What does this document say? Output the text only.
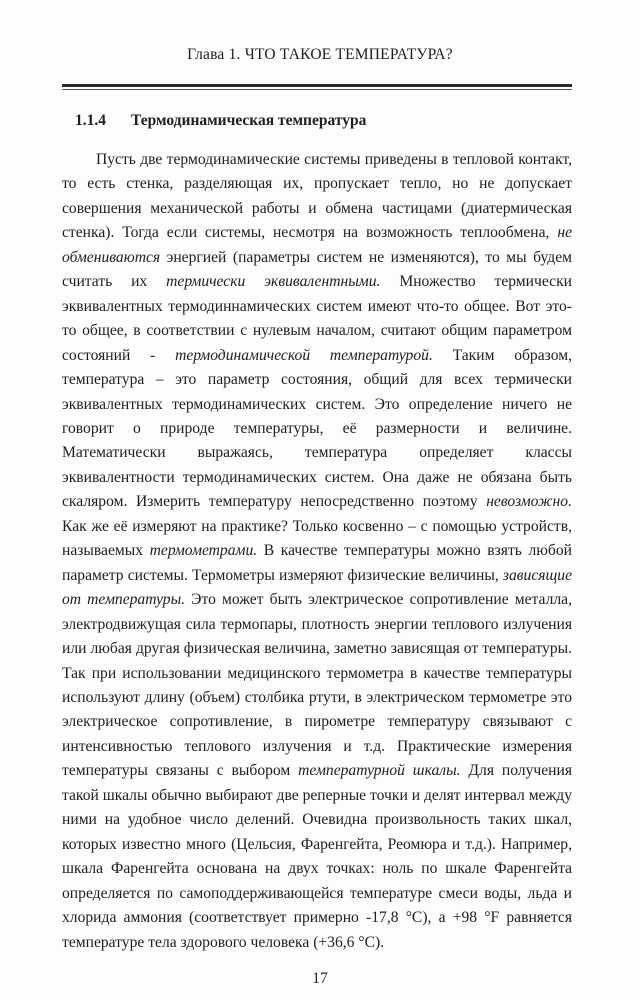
Глава 1. ЧТО ТАКОЕ ТЕМПЕРАТУРА?
1.1.4 Термодинамическая температура

Пусть две термодинамические системы приведены в тепловой контакт, то есть стенка, разделяющая их, пропускает тепло, но не допускает совершения механической работы и обмена частицами (диатермическая стенка). Тогда если системы, несмотря на возможность теплообмена, не обмениваются энергией (параметры систем не изменяются), то мы будем считать их термически эквивалентными. Множество термически эквивалентных термодиннамических систем имеют что-то общее. Вот это-то общее, в соответствии с нулевым началом, считают общим параметром состояний - термодинамической температурой. Таким образом, температура – это параметр состояния, общий для всех термически эквивалентных термодинамических систем. Это определение ничего не говорит о природе температуры, её размерности и величине. Математически выражаясь, температура определяет классы эквивалентности термодинамических систем. Она даже не обязана быть скаляром. Измерить температуру непосредственно поэтому невозможно. Как же её измеряют на практике? Только косвенно – с помощью устройств, называемых термометрами. В качестве температуры можно взять любой параметр системы. Термометры измеряют физические величины, зависящие от температуры. Это может быть электрическое сопротивление металла, электродвижущая сила термопары, плотность энергии теплового излучения или любая другая физическая величина, заметно зависящая от температуры. Так при использовании медицинского термометра в качестве температуры используют длину (объем) столбика ртути, в электрическом термометре это электрическое сопротивление, в пирометре температуру связывают с интенсивностью теплового излучения и т.д. Практические измерения температуры связаны с выбором температурной шкалы. Для получения такой шкалы обычно выбирают две реперные точки и делят интервал между ними на удобное число делений. Очевидна произвольность таких шкал, которых известно много (Цельсия, Фаренгейта, Реомюра и т.д.). Например, шкала Фаренгейта основана на двух точках: ноль по шкале Фаренгейта определяется по самоподдерживающейся температуре смеси воды, льда и хлорида аммония (соответствует примерно -17,8 °C), а +98 °F равняется температуре тела здорового человека (+36,6 °C).

17
